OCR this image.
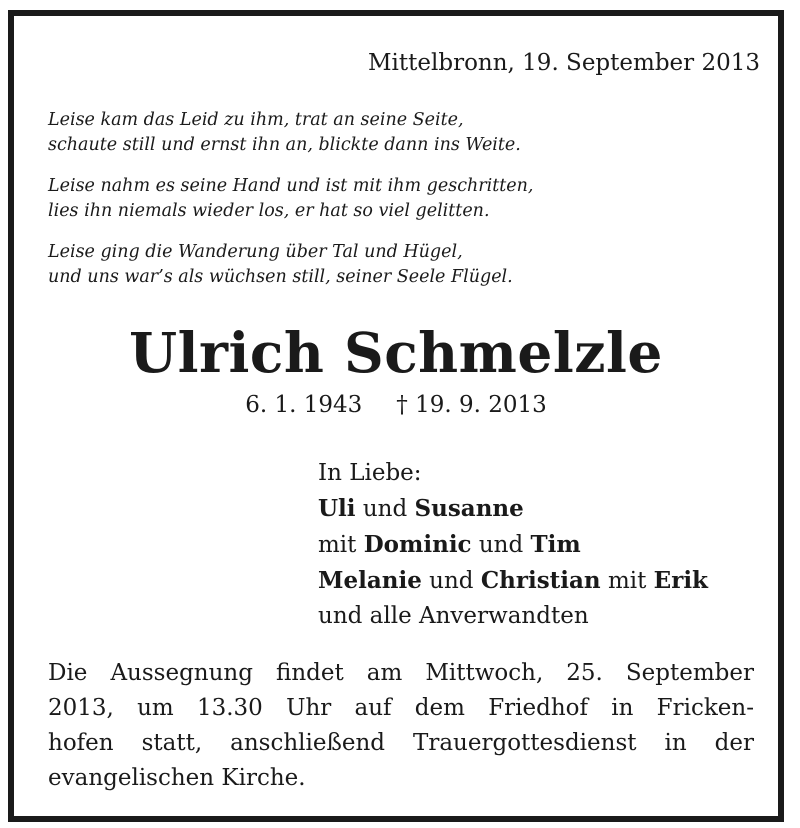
Mittelbronn, 19. September 2013
Leise kam das Leid zu ihm, trat an seine Seite,
schaute still und ernst ihn an, blickte dann ins Weite.
Leise nahm es seine Hand und ist mit ihm geschritten,
lies ihn niemals wieder los, er hat so viel gelitten.
Leise ging die Wanderung über Tal und Hügel,
und uns war’s als wüchsen still, seiner Seele Flügel.
Ulrich Schmelzle
6. 1. 1943 † 19. 9. 2013
In Liebe:
Uli und Susanne
mit Dominic und Tim
Melanie und Christian mit Erik
und alle Anverwandten
Die Aussegnung findet am Mittwoch, 25. September
2013, um 13.30 Uhr auf dem Friedhof in Fricken-
hofen statt, anschließend Trauergottesdienst in der
evangelischen Kirche.
